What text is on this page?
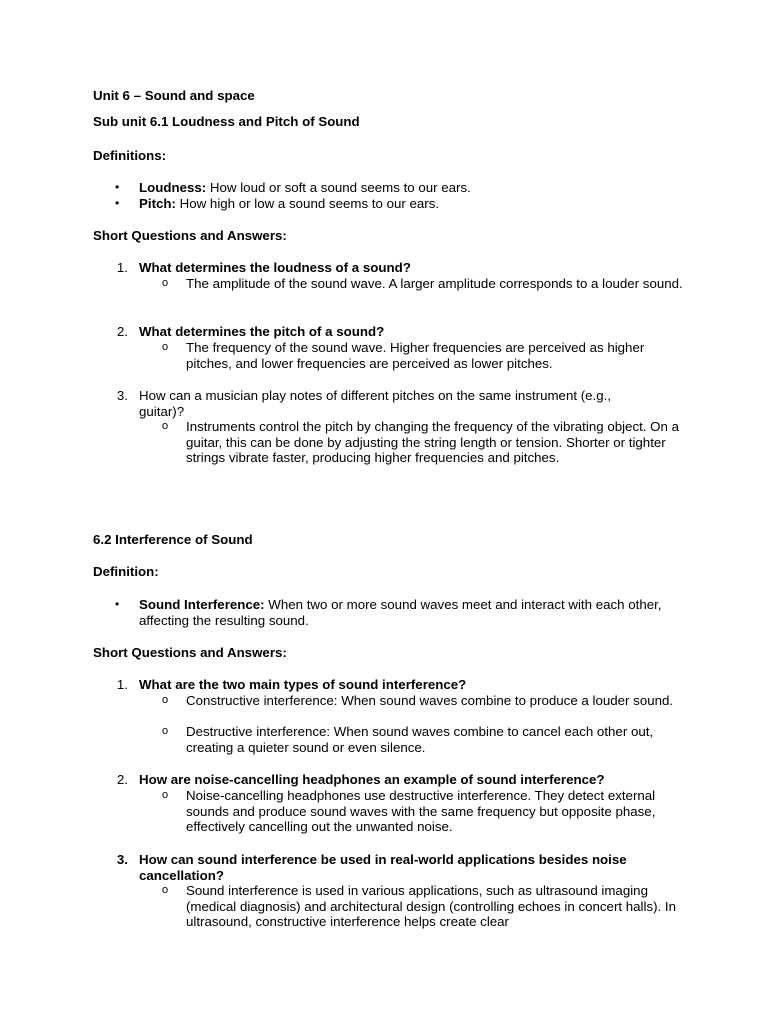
Unit 6 – Sound and space
Sub unit 6.1 Loudness and Pitch of Sound
Definitions:
• Loudness: How loud or soft a sound seems to our ears.
• Pitch: How high or low a sound seems to our ears.
Short Questions and Answers:
1. What determines the loudness of a sound?
o The amplitude of the sound wave. A larger amplitude corresponds to a louder sound.
2. What determines the pitch of a sound?
o The frequency of the sound wave. Higher frequencies are perceived as higher pitches, and lower frequencies are perceived as lower pitches.
3. How can a musician play notes of different pitches on the same instrument (e.g., guitar)?
o Instruments control the pitch by changing the frequency of the vibrating object. On a guitar, this can be done by adjusting the string length or tension. Shorter or tighter strings vibrate faster, producing higher frequencies and pitches.
6.2 Interference of Sound
Definition:
• Sound Interference: When two or more sound waves meet and interact with each other, affecting the resulting sound.
Short Questions and Answers:
1. What are the two main types of sound interference?
o Constructive interference: When sound waves combine to produce a louder sound.
o Destructive interference: When sound waves combine to cancel each other out, creating a quieter sound or even silence.
2. How are noise-cancelling headphones an example of sound interference?
o Noise-cancelling headphones use destructive interference. They detect external sounds and produce sound waves with the same frequency but opposite phase, effectively cancelling out the unwanted noise.
3. How can sound interference be used in real-world applications besides noise cancellation?
o Sound interference is used in various applications, such as ultrasound imaging (medical diagnosis) and architectural design (controlling echoes in concert halls). In ultrasound, constructive interference helps create clear
